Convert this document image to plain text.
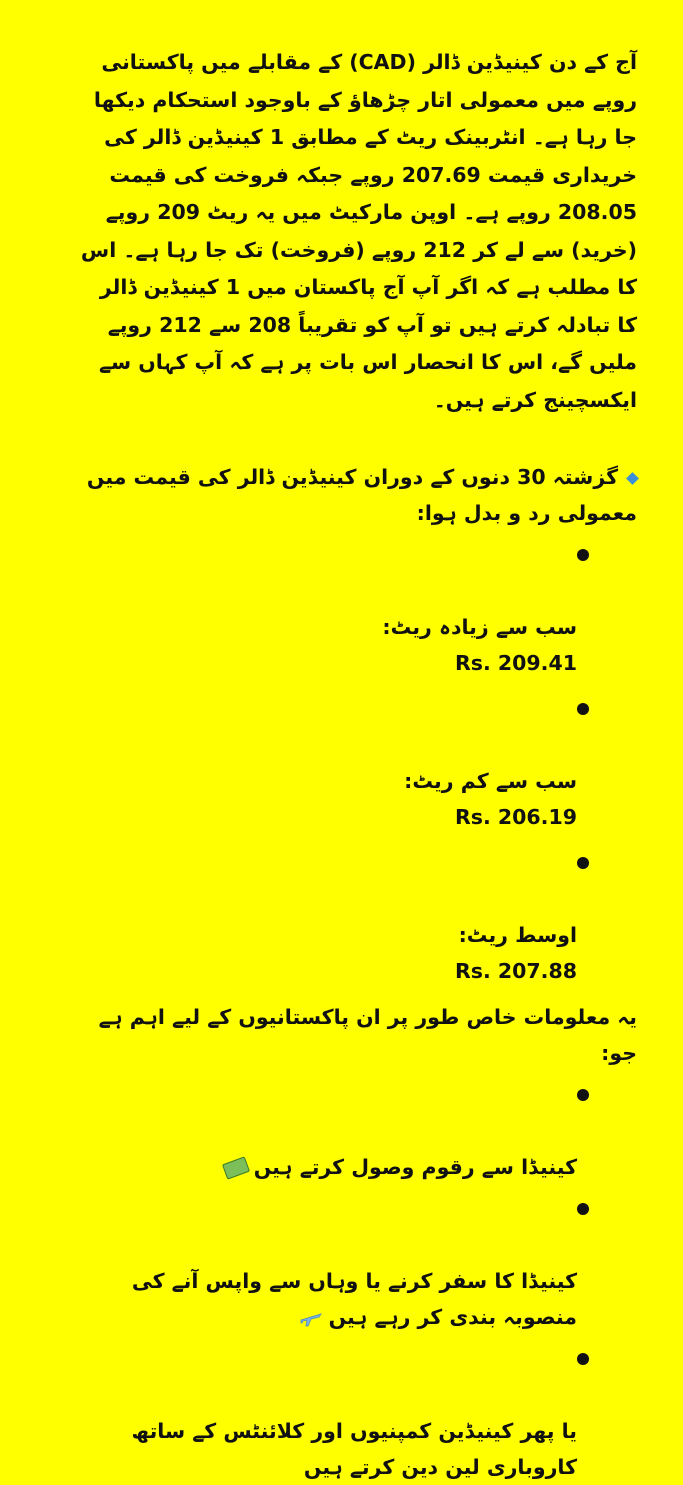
آج کے دن کینیڈین ڈالر (CAD) کے مقابلے میں پاکستانی روپے میں معمولی اتار چڑھاؤ کے باوجود استحکام دیکھا جا رہا ہے۔ انٹربینک ریٹ کے مطابق 1 کینیڈین ڈالر کی خریداری قیمت 207.69 روپے جبکہ فروخت کی قیمت 208.05 روپے ہے۔ اوپن مارکیٹ میں یہ ریٹ 209 روپے (خرید) سے لے کر 212 روپے (فروخت) تک جا رہا ہے۔ اس کا مطلب ہے کہ اگر آپ آج پاکستان میں 1 کینیڈین ڈالر کا تبادلہ کرتے ہیں تو آپ کو تقریباً 208 سے 212 روپے ملیں گے، اس کا انحصار اس بات پر ہے کہ آپ کہاں سے ایکسچینج کرتے ہیں۔

گزشتہ 30 دنوں کے دوران کینیڈین ڈالر کی قیمت میں معمولی رد و بدل ہوا:

سب سے زیادہ ریٹ:
Rs. 209.41

سب سے کم ریٹ:
Rs. 206.19

اوسط ریٹ:
Rs. 207.88

یہ معلومات خاص طور پر ان پاکستانیوں کے لیے اہم ہے جو:

کینیڈا سے رقوم وصول کرتے ہیں

کینیڈا کا سفر کرنے یا وہاں سے واپس آنے کی منصوبہ بندی کر رہے ہیں

یا پھر کینیڈین کمپنیوں اور کلائنٹس کے ساتھ کاروباری لین دین کرتے ہیں
